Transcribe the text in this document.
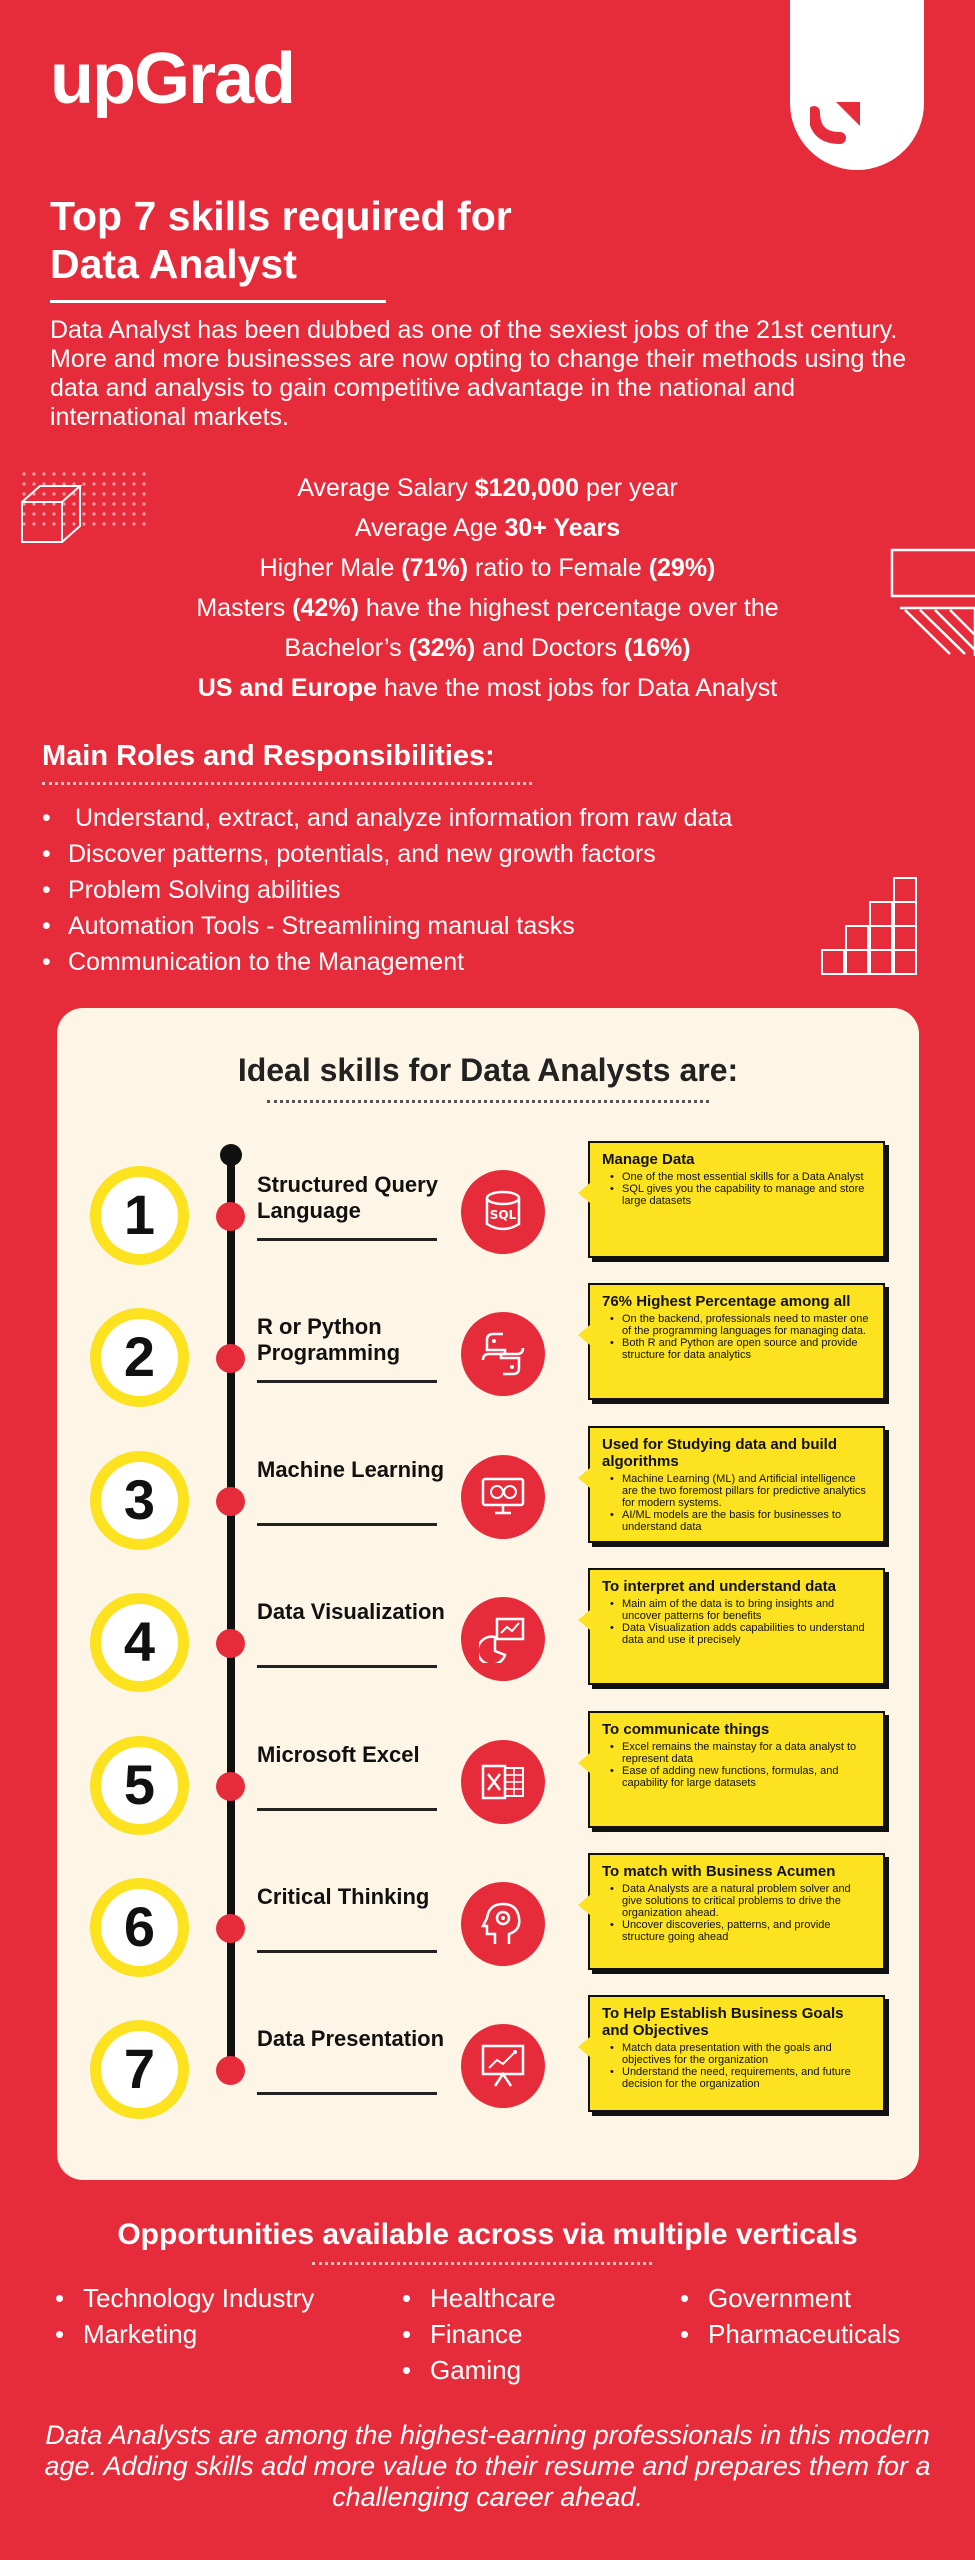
upGrad
Top 7 skills required for
Data Analyst

Data Analyst has been dubbed as one of the sexiest jobs of the 21st century. More and more businesses are now opting to change their methods using the data and analysis to gain competitive advantage in the national and international markets.

Average Salary $120,000 per year
Average Age 30+ Years
Higher Male (71%) ratio to Female (29%)
Masters (42%) have the highest percentage over the
Bachelor’s (32%) and Doctors (16%)
US and Europe have the most jobs for Data Analyst
Main Roles and Responsibilities:
• Understand, extract, and analyze information from raw data
• Discover patterns, potentials, and new growth factors
• Problem Solving abilities
• Automation Tools - Streamlining manual tasks
• Communication to the Management
Ideal skills for Data Analysts are:
1	Structured Query Language	SQL
Manage Data
• One of the most essential skills for a Data Analyst
• SQL gives you the capability to manage and store large datasets
2	R or Python Programming
76% Highest Percentage among all
• On the backend, professionals need to master one of the programming languages for managing data.
• Both R and Python are open source and provide structure for data analytics
3	Machine Learning
Used for Studying data and build algorithms
• Machine Learning (ML) and Artificial intelligence are the two foremost pillars for predictive analytics for modern systems.
• AI/ML models are the basis for businesses to understand data
4	Data Visualization
To interpret and understand data
• Main aim of the data is to bring insights and uncover patterns for benefits
• Data Visualization adds capabilities to understand data and use it precisely
5	Microsoft Excel
To communicate things
• Excel remains the mainstay for a data analyst to represent data
• Ease of adding new functions, formulas, and capability for large datasets
6	Critical Thinking
To match with Business Acumen
• Data Analysts are a natural problem solver and give solutions to critical problems to drive the organization ahead.
• Uncover discoveries, patterns, and provide structure going ahead
7	Data Presentation
To Help Establish Business Goals and Objectives
• Match data presentation with the goals and objectives for the organization
• Understand the need, requirements, and future decision for the organization
Opportunities available across via multiple verticals
• Technology Industry
• Marketing
• Healthcare
• Finance
• Gaming
• Government
• Pharmaceuticals

Data Analysts are among the highest-earning professionals in this modern age. Adding skills add more value to their resume and prepares them for a challenging career ahead.
